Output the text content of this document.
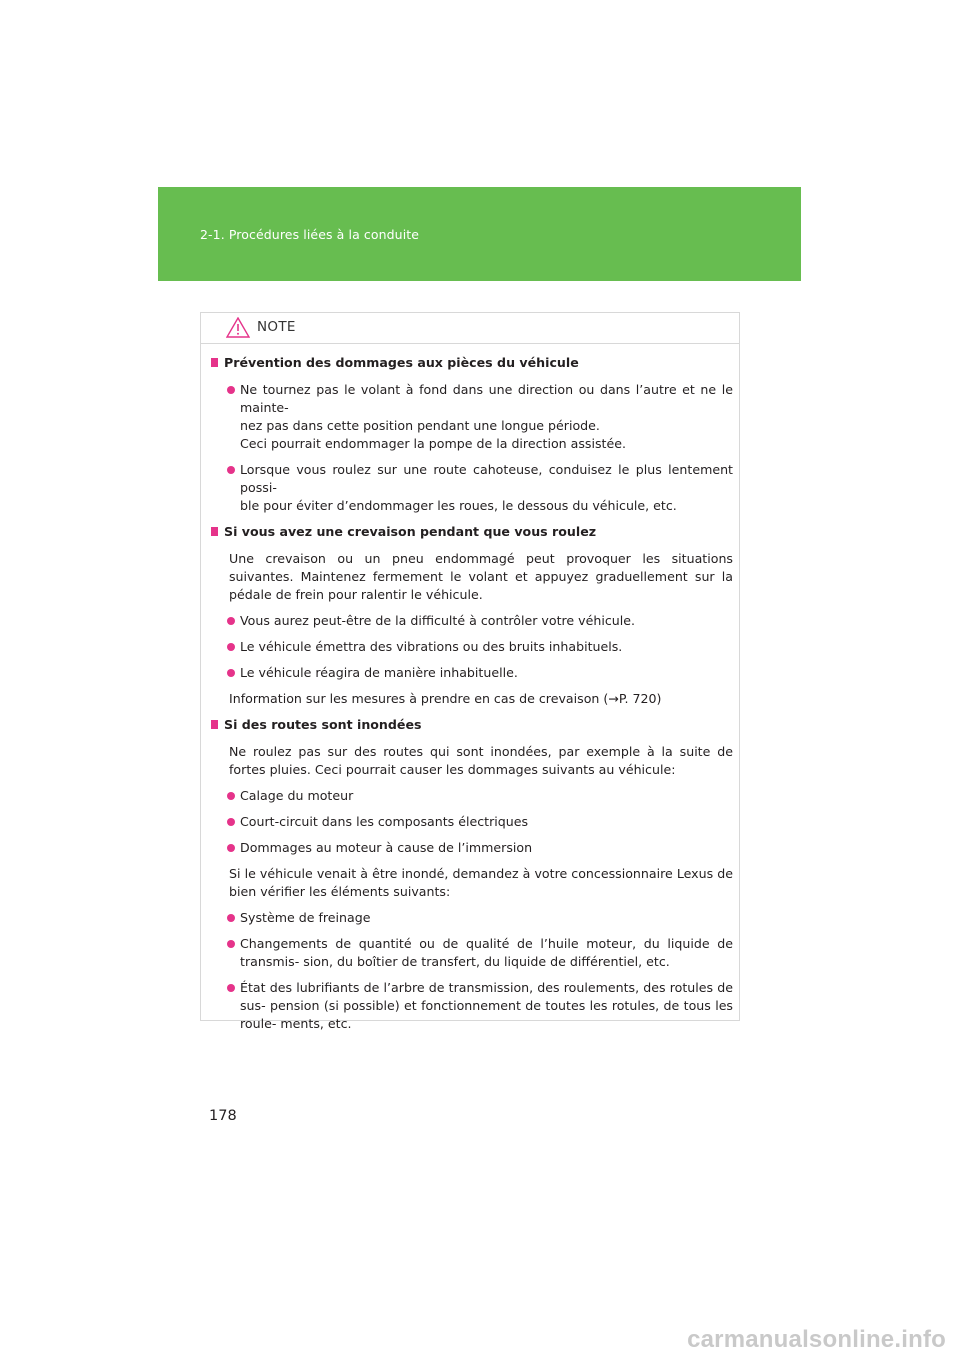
2-1. Procédures liées à la conduite
NOTE
Prévention des dommages aux pièces du véhicule
Ne tournez pas le volant à fond dans une direction ou dans l’autre et ne le mainte-
nez pas dans cette position pendant une longue période.
Ceci pourrait endommager la pompe de la direction assistée.
Lorsque vous roulez sur une route cahoteuse, conduisez le plus lentement possi-
ble pour éviter d’endommager les roues, le dessous du véhicule, etc.
Si vous avez une crevaison pendant que vous roulez
Une crevaison ou un pneu endommagé peut provoquer les situations suivantes. Maintenez fermement le volant et appuyez graduellement sur la pédale de frein pour ralentir le véhicule.
Vous aurez peut-être de la difficulté à contrôler votre véhicule.
Le véhicule émettra des vibrations ou des bruits inhabituels.
Le véhicule réagira de manière inhabituelle.
Information sur les mesures à prendre en cas de crevaison (→P. 720)
Si des routes sont inondées
Ne roulez pas sur des routes qui sont inondées, par exemple à la suite de fortes pluies. Ceci pourrait causer les dommages suivants au véhicule:
Calage du moteur
Court-circuit dans les composants électriques
Dommages au moteur à cause de l’immersion
Si le véhicule venait à être inondé, demandez à votre concessionnaire Lexus de bien vérifier les éléments suivants:
Système de freinage
Changements de quantité ou de qualité de l’huile moteur, du liquide de transmis- sion, du boîtier de transfert, du liquide de différentiel, etc.
État des lubrifiants de l’arbre de transmission, des roulements, des rotules de sus- pension (si possible) et fonctionnement de toutes les rotules, de tous les roule- ments, etc.
178
carmanualsonline.info
